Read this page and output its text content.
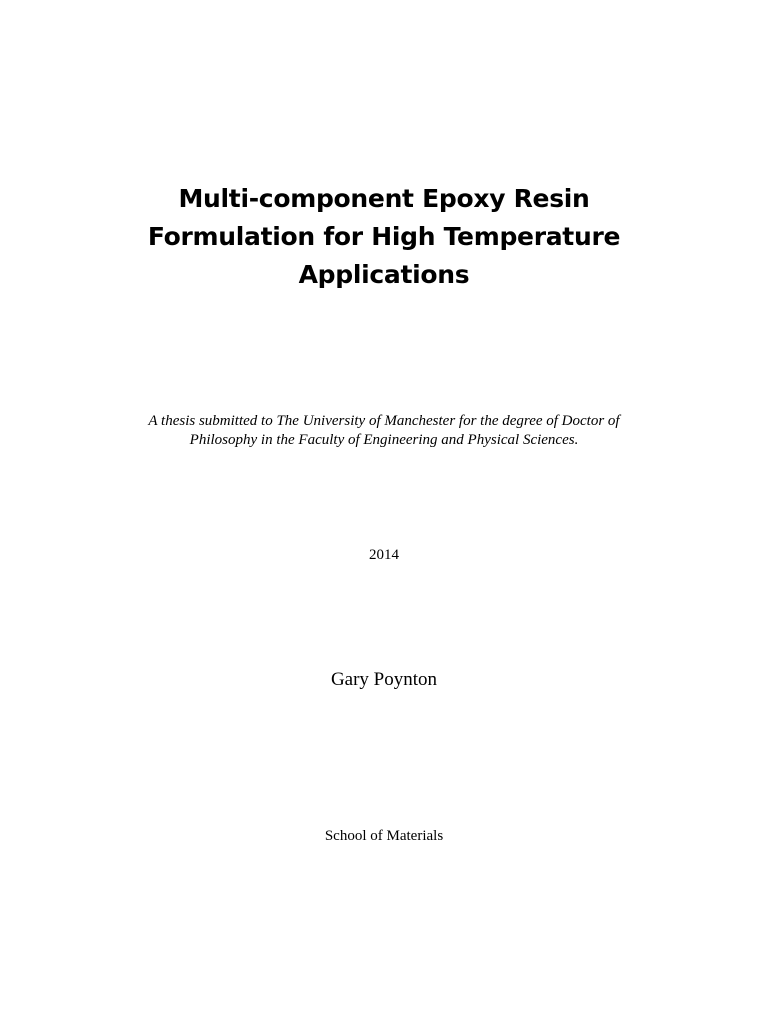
Multi-component Epoxy Resin
Formulation for High Temperature
Applications

A thesis submitted to The University of Manchester for the degree of Doctor of
Philosophy in the Faculty of Engineering and Physical Sciences.

2014

Gary Poynton

School of Materials
